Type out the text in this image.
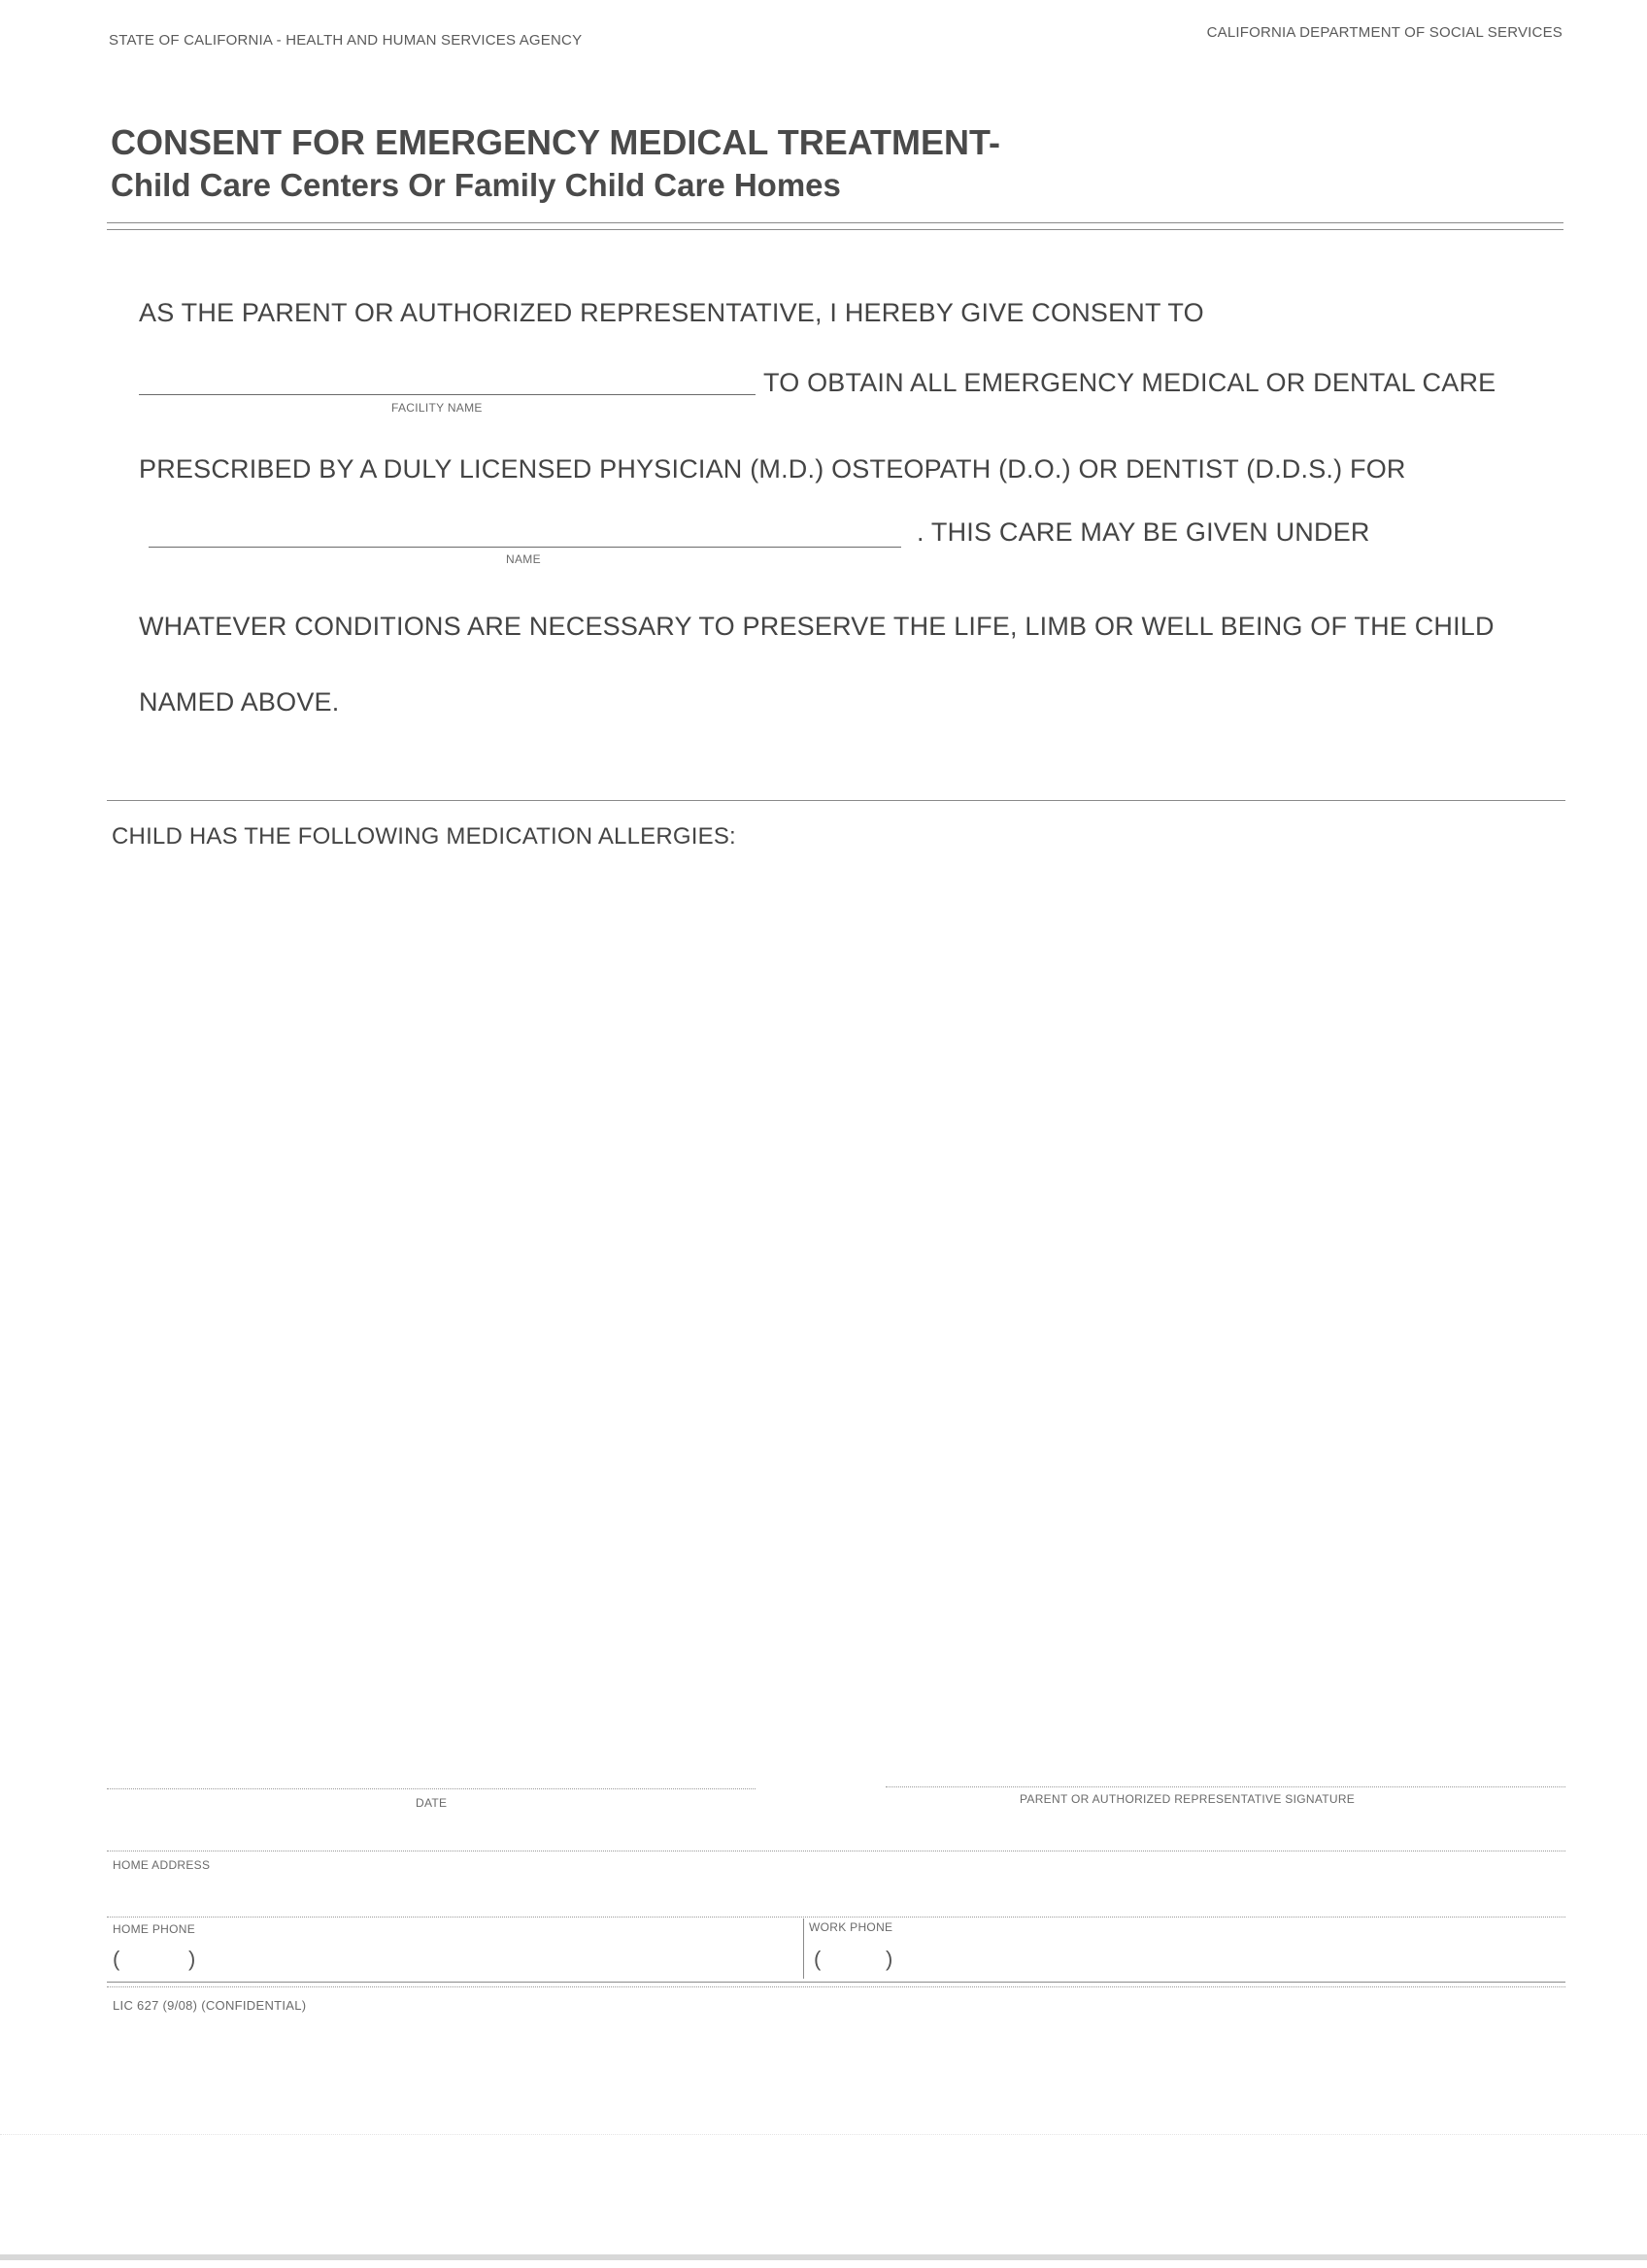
STATE OF CALIFORNIA - HEALTH AND HUMAN SERVICES AGENCY	CALIFORNIA DEPARTMENT OF SOCIAL SERVICES
CONSENT FOR EMERGENCY MEDICAL TREATMENT-
Child Care Centers Or Family Child Care Homes
AS THE PARENT OR AUTHORIZED REPRESENTATIVE, I HEREBY GIVE CONSENT TO
FACILITY NAME
TO OBTAIN ALL EMERGENCY MEDICAL OR DENTAL CARE
PRESCRIBED BY A DULY LICENSED PHYSICIAN (M.D.) OSTEOPATH (D.O.) OR DENTIST (D.D.S.) FOR
NAME
. THIS CARE MAY BE GIVEN UNDER
WHATEVER CONDITIONS ARE NECESSARY TO PRESERVE THE LIFE, LIMB OR WELL BEING OF THE CHILD
NAMED ABOVE.
CHILD HAS THE FOLLOWING MEDICATION ALLERGIES:
DATE	PARENT OR AUTHORIZED REPRESENTATIVE SIGNATURE
HOME ADDRESS
HOME PHONE
(	)
WORK PHONE
(	)
LIC 627 (9/08) (CONFIDENTIAL)
